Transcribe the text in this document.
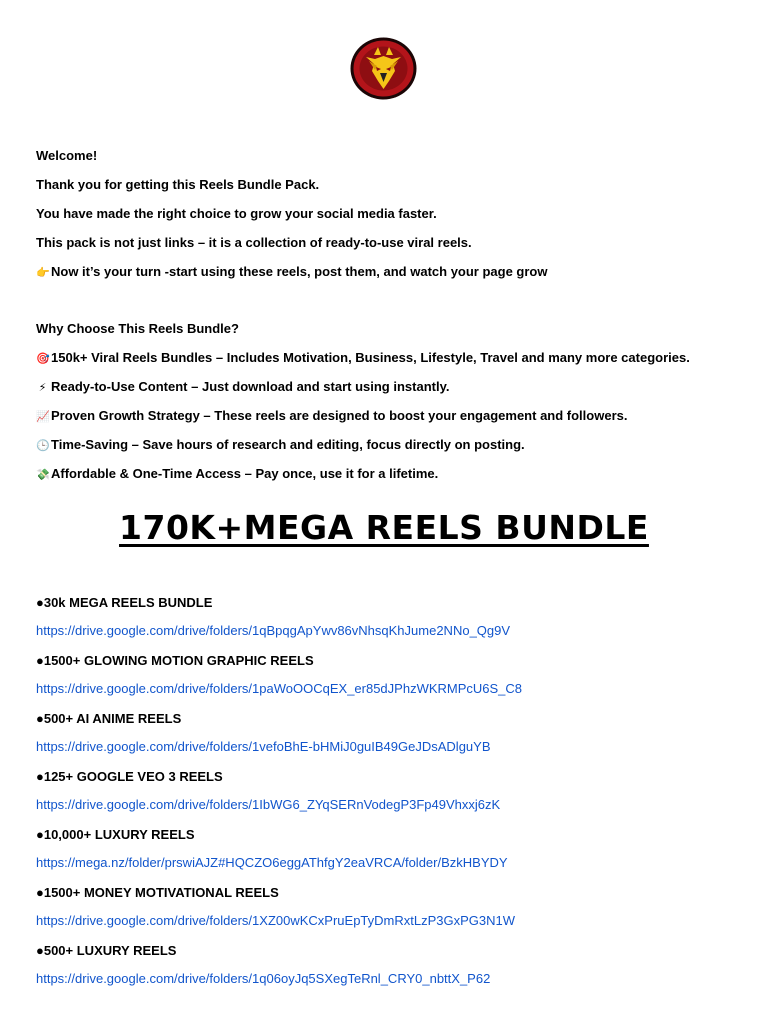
Welcome!
Thank you for getting this Reels Bundle Pack.
You have made the right choice to grow your social media faster.
This pack is not just links – it is a collection of ready-to-use viral reels.
👉Now it’s your turn -start using these reels, post them, and watch your page grow
Why Choose This Reels Bundle?
🎯150k+ Viral Reels Bundles – Includes Motivation, Business, Lifestyle, Travel and many more categories.
⚡ Ready-to-Use Content – Just download and start using instantly.
📈Proven Growth Strategy – These reels are designed to boost your engagement and followers.
🕒Time-Saving – Save hours of research and editing, focus directly on posting.
💸Affordable & One-Time Access – Pay once, use it for a lifetime.
170K+MEGA REELS BUNDLE
●30k MEGA REELS BUNDLE
https://drive.google.com/drive/folders/1qBpqgApYwv86vNhsqKhJume2NNo_Qg9V
●1500+ GLOWING MOTION GRAPHIC REELS
https://drive.google.com/drive/folders/1paWoOOCqEX_er85dJPhzWKRMPcU6S_C8
●500+ AI ANIME REELS
https://drive.google.com/drive/folders/1vefoBhE-bHMiJ0guIB49GeJDsADlguYB
●125+ GOOGLE VEO 3 REELS
https://drive.google.com/drive/folders/1IbWG6_ZYqSERnVodegP3Fp49Vhxxj6zK
●10,000+ LUXURY REELS
https://mega.nz/folder/prswiAJZ#HQCZO6eggAThfgY2eaVRCA/folder/BzkHBYDY
●1500+ MONEY MOTIVATIONAL REELS
https://drive.google.com/drive/folders/1XZ00wKCxPruEpTyDmRxtLzP3GxPG3N1W
●500+ LUXURY REELS
https://drive.google.com/drive/folders/1q06oyJq5SXegTeRnl_CRY0_nbttX_P62
